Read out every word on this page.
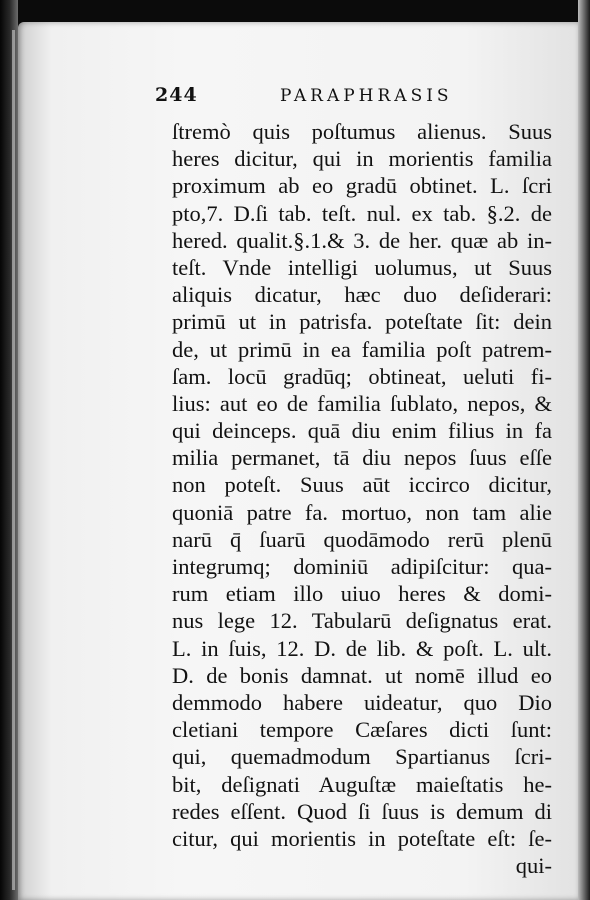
244	PARAPHRASIS
ſtremò quis poſtumus alienus. Suus
heres dicitur, qui in morientis familia
proximum ab eo gradū obtinet. L. ſcri
pto,7. D.ſi tab. teſt. nul. ex tab. §.2. de
hered. qualit.§.1.& 3. de her. quæ ab in-
teſt. Vnde intelligi uolumus, ut Suus
aliquis dicatur, hæc duo deſiderari:
primū ut in patrisfa. poteſtate ſit: dein
de, ut primū in ea familia poſt patrem-
ſam. locū gradūq; obtineat, ueluti fi-
lius: aut eo de familia ſublato, nepos, &
qui deinceps. quā diu enim filius in fa
milia permanet, tā diu nepos ſuus eſſe
non poteſt. Suus aūt iccirco dicitur,
quoniā patre fa. mortuo, non tam alie
narū q̄ ſuarū quodāmodo rerū plenū
integrumq; dominiū adipiſcitur: qua-
rum etiam illo uiuo heres & domi-
nus lege 12. Tabularū deſignatus erat.
L. in ſuis, 12. D. de lib. & poſt. L. ult.
D. de bonis damnat. ut nomē illud eo
demmodo habere uideatur, quo Dio
cletiani tempore Cæſares dicti ſunt:
qui, quemadmodum Spartianus ſcri-
bit, deſignati Auguſtæ maieſtatis he-
redes eſſent. Quod ſi ſuus is demum di
citur, qui morientis in poteſtate eſt: ſe-
qui-
